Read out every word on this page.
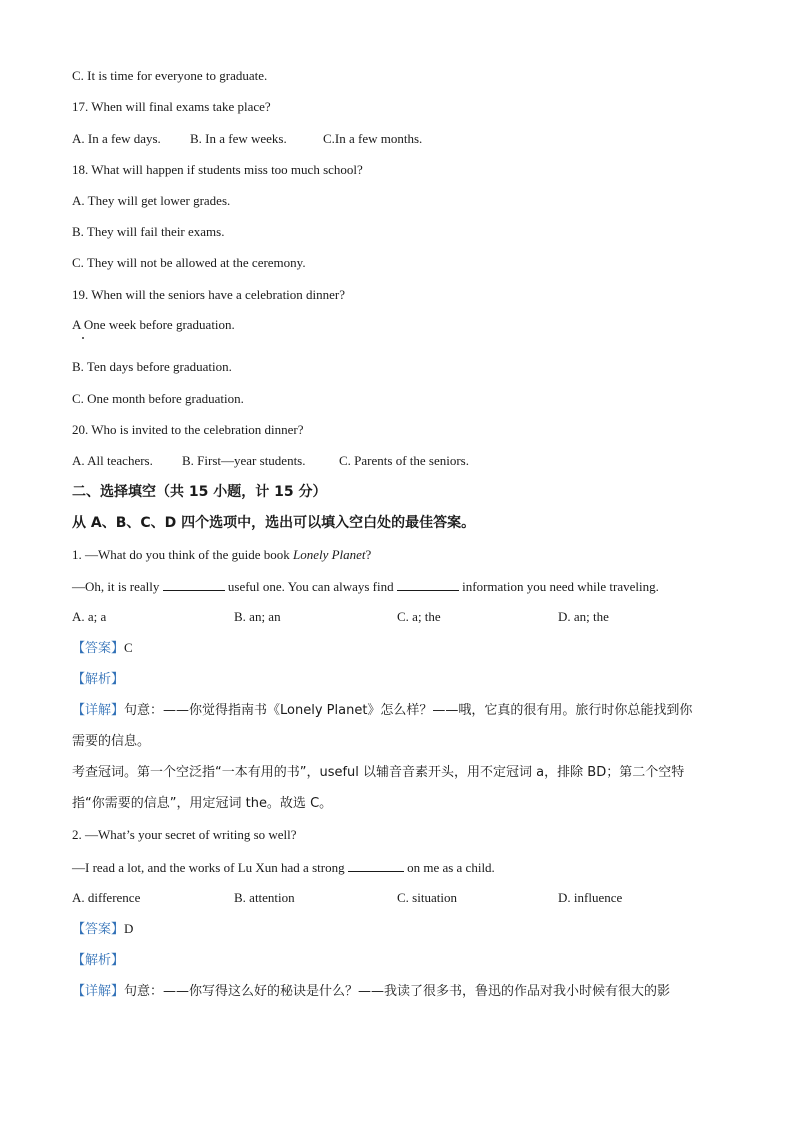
C. It is time for everyone to graduate.
17. When will final exams take place?
A. In a few days. B. In a few weeks.	C.In a few months.
18. What will happen if students miss too much school?
A. They will get lower grades.
B. They will fail their exams.
C. They will not be allowed at the ceremony.
19. When will the seniors have a celebration dinner?
A One week before graduation.
B. Ten days before graduation.
C. One month before graduation.
20. Who is invited to the celebration dinner?
A. All teachers. B. First—year students.	C. Parents of the seniors.
二、选择填空（共 15 小题，计 15 分）
从 A、B、C、D 四个选项中，选出可以填入空白处的最佳答案。
1. —What do you think of the guide book Lonely Planet?
—Oh, it is really	useful one. You can always find	information you need while traveling.
A. a; a	B. an; an	C. a; the	D. an; the
【答案】C
【解析】
【详解】句意：——你觉得指南书《Lonely Planet》怎么样？——哦，它真的很有用。旅行时你总能找到你
需要的信息。
考查冠词。第一个空泛指“一本有用的书”，useful 以辅音音素开头，用不定冠词 a，排除 BD；第二个空特
指“你需要的信息”，用定冠词 the。故选 C。
2. —What’s your secret of writing so well?
—I read a lot, and the works of Lu Xun had a strong	on me as a child.
A. difference	B. attention	C. situation	D. influence
【答案】D
【解析】
【详解】句意：——你写得这么好的秘诀是什么？——我读了很多书，鲁迅的作品对我小时候有很大的影
